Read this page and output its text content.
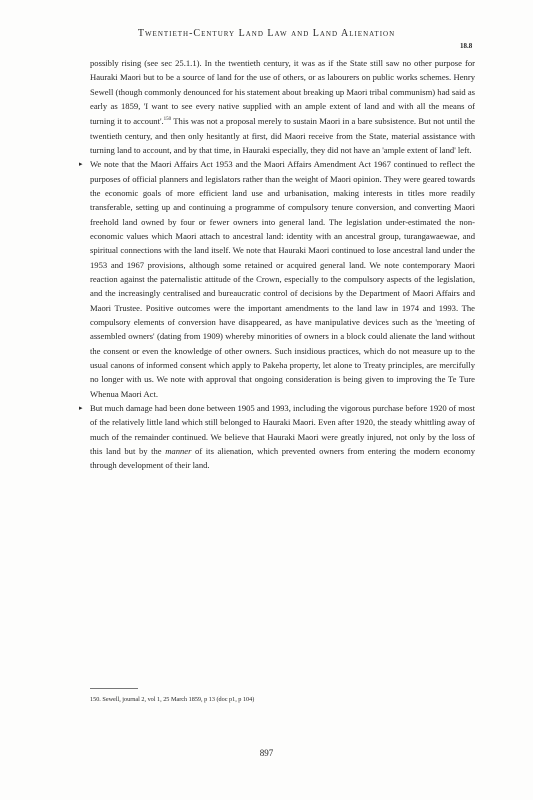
Twentieth-Century Land Law and Land Alienation
18.8

possibly rising (see sec 25.1.1). In the twentieth century, it was as if the State still saw no other purpose for Hauraki Maori but to be a source of land for the use of others, or as labourers on public works schemes. Henry Sewell (though commonly denounced for his statement about breaking up Maori tribal communism) had said as early as 1859, 'I want to see every native supplied with an ample extent of land and with all the means of turning it to account'.$^{150}$ This was not a proposal merely to sustain Maori in a bare subsistence. But not until the twentieth century, and then only hesitantly at first, did Maori receive from the State, material assistance with turning land to account, and by that time, in Hauraki especially, they did not have an 'ample extent of land' left.

▸ We note that the Maori Affairs Act 1953 and the Maori Affairs Amendment Act 1967 continued to reflect the purposes of official planners and legislators rather than the weight of Maori opinion. They were geared towards the economic goals of more efficient land use and urbanisation, making interests in titles more readily transferable, setting up and continuing a programme of compulsory tenure conversion, and converting Maori freehold land owned by four or fewer owners into general land. The legislation under-estimated the non-economic values which Maori attach to ancestral land: identity with an ancestral group, turangawaewae, and spiritual connections with the land itself. We note that Hauraki Maori continued to lose ancestral land under the 1953 and 1967 provisions, although some retained or acquired general land. We note contemporary Maori reaction against the paternalistic attitude of the Crown, especially to the compulsory aspects of the legislation, and the increasingly centralised and bureaucratic control of decisions by the Department of Maori Affairs and Maori Trustee. Positive outcomes were the important amendments to the land law in 1974 and 1993. The compulsory elements of conversion have disappeared, as have manipulative devices such as the 'meeting of assembled owners' (dating from 1909) whereby minorities of owners in a block could alienate the land without the consent or even the knowledge of other owners. Such insidious practices, which do not measure up to the usual canons of informed consent which apply to Pakeha property, let alone to Treaty principles, are mercifully no longer with us. We note with approval that ongoing consideration is being given to improving the Te Ture Whenua Maori Act.

▸ But much damage had been done between 1905 and 1993, including the vigorous purchase before 1920 of most of the relatively little land which still belonged to Hauraki Maori. Even after 1920, the steady whittling away of much of the remainder continued. We believe that Hauraki Maori were greatly injured, not only by the loss of this land but by the manner of its alienation, which prevented owners from entering the modern economy through development of their land.

150. Sewell, journal 2, vol 1, 25 March 1859, p 13 (doc p1, p 104)
897
